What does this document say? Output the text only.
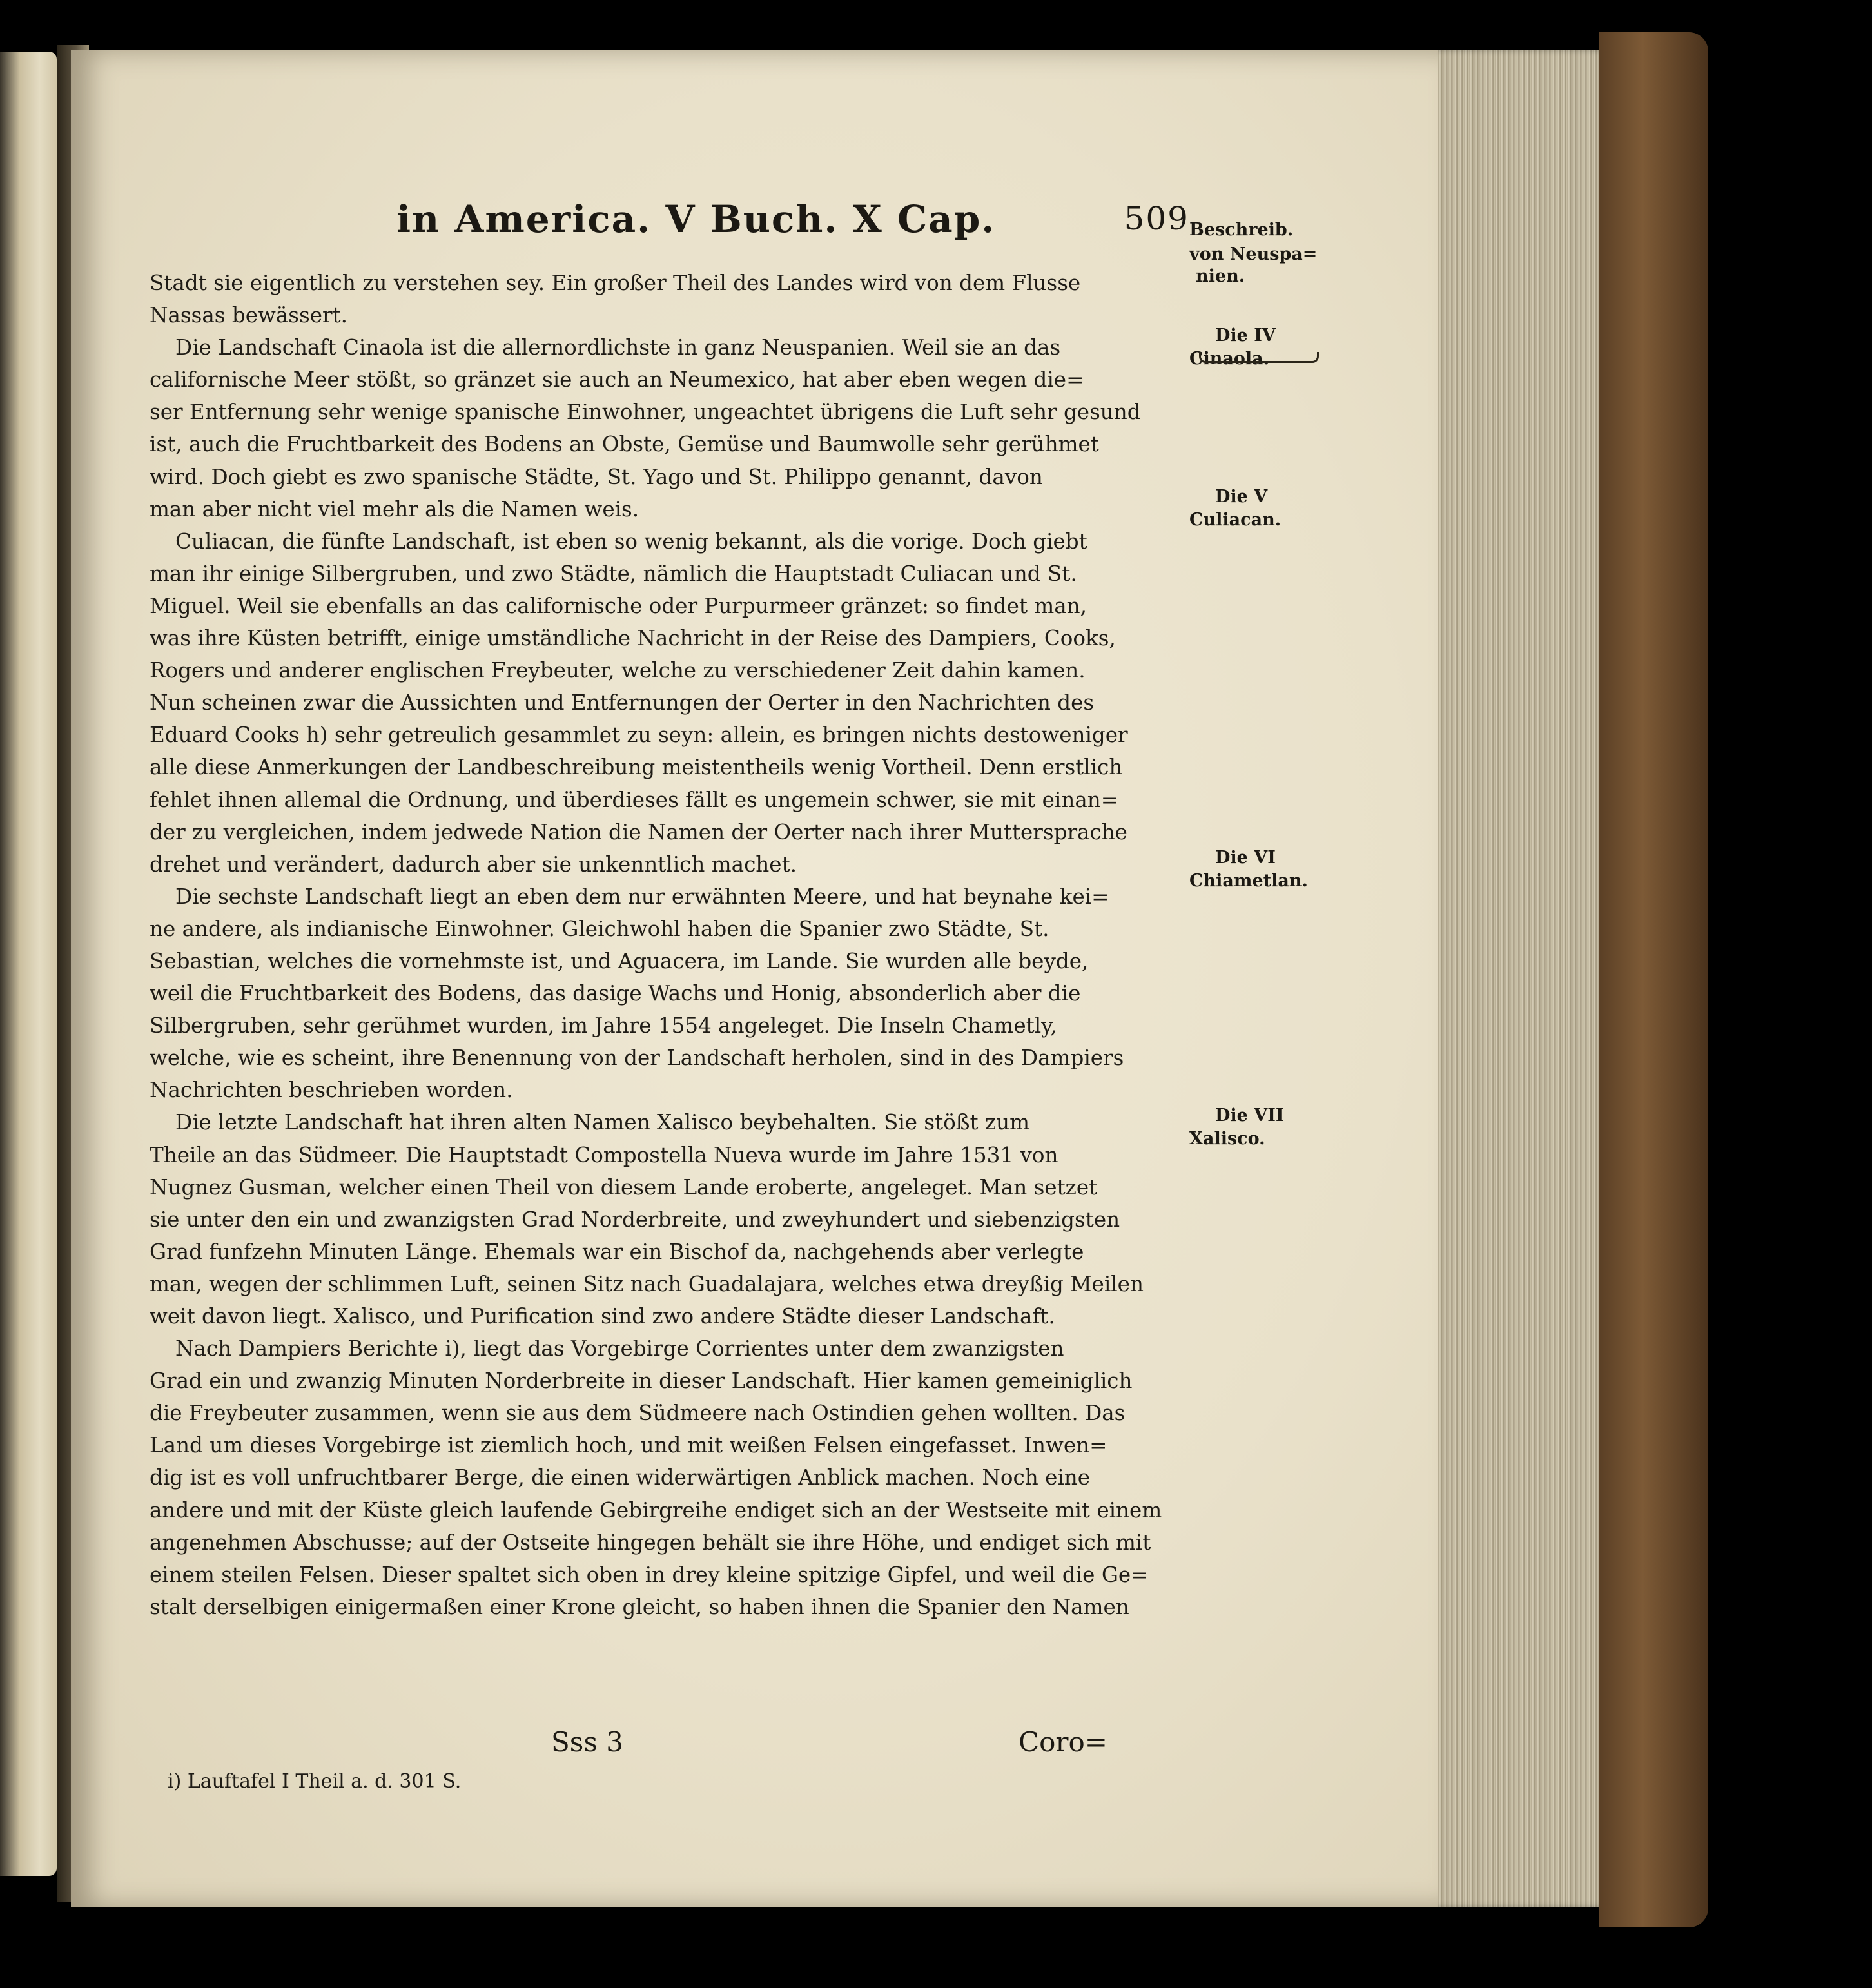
in America. V Buch. X Cap.	509
Stadt sie eigentlich zu verstehen sey. Ein großer Theil des Landes wird von dem Flusse
Nassas bewässert.
Die Landschaft Cinaola ist die allernordlichste in ganz Neuspanien. Weil sie an das
californische Meer stößt, so gränzet sie auch an Neumexico, hat aber eben wegen die=
ser Entfernung sehr wenige spanische Einwohner, ungeachtet übrigens die Luft sehr gesund
ist, auch die Fruchtbarkeit des Bodens an Obste, Gemüse und Baumwolle sehr gerühmet
wird. Doch giebt es zwo spanische Städte, St. Yago und St. Philippo genannt, davon
man aber nicht viel mehr als die Namen weis.
Culiacan, die fünfte Landschaft, ist eben so wenig bekannt, als die vorige. Doch giebt
man ihr einige Silbergruben, und zwo Städte, nämlich die Hauptstadt Culiacan und St.
Miguel. Weil sie ebenfalls an das californische oder Purpurmeer gränzet: so findet man,
was ihre Küsten betrifft, einige umständliche Nachricht in der Reise des Dampiers, Cooks,
Rogers und anderer englischen Freybeuter, welche zu verschiedener Zeit dahin kamen.
Nun scheinen zwar die Aussichten und Entfernungen der Oerter in den Nachrichten des
Eduard Cooks h) sehr getreulich gesammlet zu seyn: allein, es bringen nichts destoweniger
alle diese Anmerkungen der Landbeschreibung meistentheils wenig Vortheil. Denn erstlich
fehlet ihnen allemal die Ordnung, und überdieses fällt es ungemein schwer, sie mit einan=
der zu vergleichen, indem jedwede Nation die Namen der Oerter nach ihrer Muttersprache
drehet und verändert, dadurch aber sie unkenntlich machet.
Die sechste Landschaft liegt an eben dem nur erwähnten Meere, und hat beynahe kei=
ne andere, als indianische Einwohner. Gleichwohl haben die Spanier zwo Städte, St.
Sebastian, welches die vornehmste ist, und Aguacera, im Lande. Sie wurden alle beyde,
weil die Fruchtbarkeit des Bodens, das dasige Wachs und Honig, absonderlich aber die
Silbergruben, sehr gerühmet wurden, im Jahre 1554 angeleget. Die Inseln Chametly,
welche, wie es scheint, ihre Benennung von der Landschaft herholen, sind in des Dampiers
Nachrichten beschrieben worden.
Die letzte Landschaft hat ihren alten Namen Xalisco beybehalten. Sie stößt zum
Theile an das Südmeer. Die Hauptstadt Compostella Nueva wurde im Jahre 1531 von
Nugnez Gusman, welcher einen Theil von diesem Lande eroberte, angeleget. Man setzet
sie unter den ein und zwanzigsten Grad Norderbreite, und zweyhundert und siebenzigsten
Grad funfzehn Minuten Länge. Ehemals war ein Bischof da, nachgehends aber verlegte
man, wegen der schlimmen Luft, seinen Sitz nach Guadalajara, welches etwa dreyßig Meilen
weit davon liegt. Xalisco, und Purification sind zwo andere Städte dieser Landschaft.
Nach Dampiers Berichte i), liegt das Vorgebirge Corrientes unter dem zwanzigsten
Grad ein und zwanzig Minuten Norderbreite in dieser Landschaft. Hier kamen gemeiniglich
die Freybeuter zusammen, wenn sie aus dem Südmeere nach Ostindien gehen wollten. Das
Land um dieses Vorgebirge ist ziemlich hoch, und mit weißen Felsen eingefasset. Inwen=
dig ist es voll unfruchtbarer Berge, die einen widerwärtigen Anblick machen. Noch eine
andere und mit der Küste gleich laufende Gebirgreihe endiget sich an der Westseite mit einem
angenehmen Abschusse; auf der Ostseite hingegen behält sie ihre Höhe, und endiget sich mit
einem steilen Felsen. Dieser spaltet sich oben in drey kleine spitzige Gipfel, und weil die Ge=
stalt derselbigen einigermaßen einer Krone gleicht, so haben ihnen die Spanier den Namen
Beschreib.
von Neuspa=
nien.
Die IV
Cinaola.
Die V
Culiacan.
Die VI
Chiametlan.
Die VII
Xalisco.
Sss 3	Coro=
i) Lauftafel I Theil a. d. 301 S.
